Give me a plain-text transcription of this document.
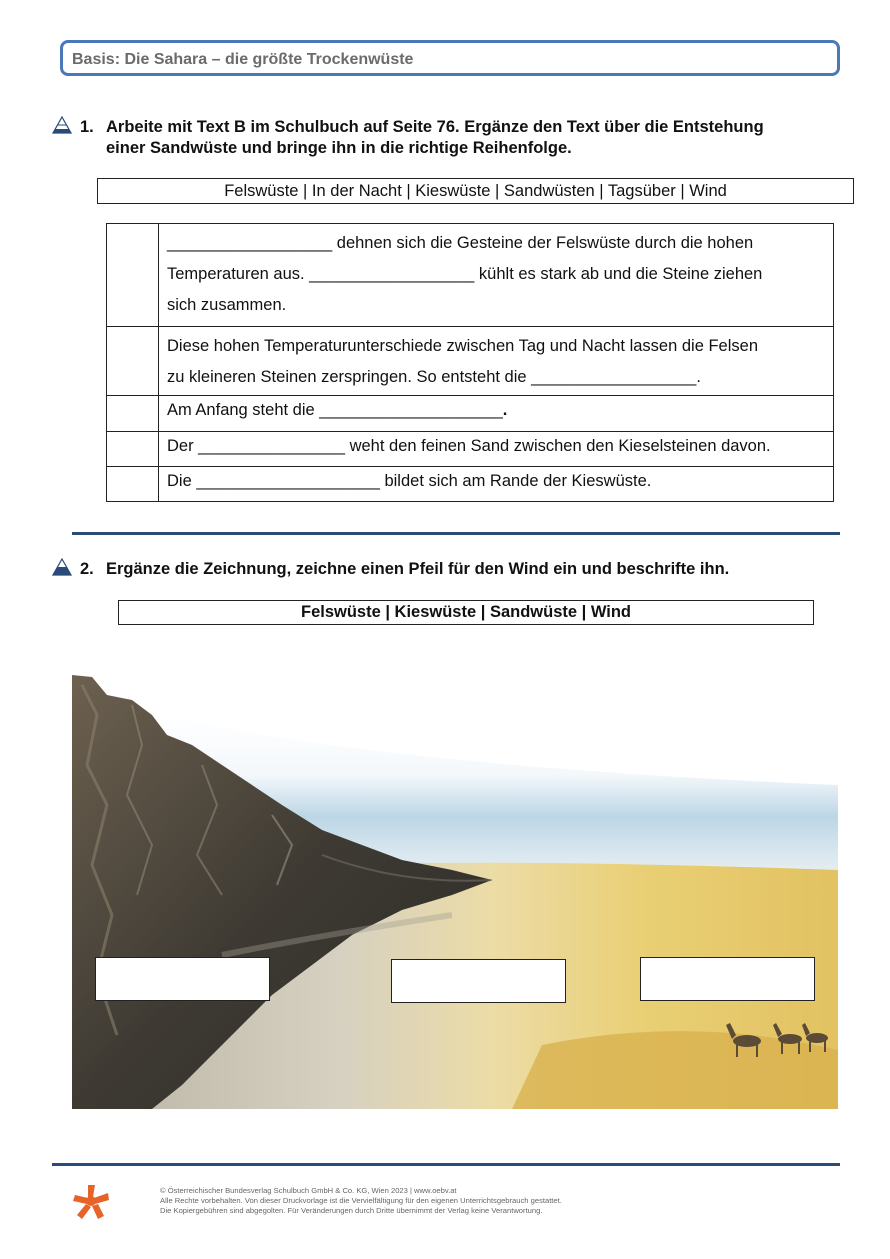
Basis: Die Sahara – die größte Trockenwüste
1. Arbeite mit Text B im Schulbuch auf Seite 76. Ergänze den Text über die Entstehung
einer Sandwüste und bringe ihn in die richtige Reihenfolge.
Felswüste | In der Nacht | Kieswüste | Sandwüsten | Tagsüber | Wind

	__________________ dehnen sich die Gesteine der Felswüste durch die hohen
Temperaturen aus. __________________ kühlt es stark ab und die Steine ziehen
sich zusammen.

	Diese hohen Temperaturunterschiede zwischen Tag und Nacht lassen die Felsen
zu kleineren Steinen zerspringen. So entsteht die __________________.

	Am Anfang steht die ____________________.

	Der ________________ weht den feinen Sand zwischen den Kieselsteinen davon.

	Die ____________________ bildet sich am Rande der Kieswüste.
2. Ergänze die Zeichnung, zeichne einen Pfeil für den Wind ein und beschrifte ihn.
Felswüste | Kieswüste | Sandwüste | Wind
© Österreichischer Bundesverlag Schulbuch GmbH & Co. KG, Wien 2023 | www.oebv.at
Alle Rechte vorbehalten. Von dieser Druckvorlage ist die Vervielfältigung für den eigenen Unterrichtsgebrauch gestattet.
Die Kopiergebühren sind abgegolten. Für Veränderungen durch Dritte übernimmt der Verlag keine Verantwortung.
